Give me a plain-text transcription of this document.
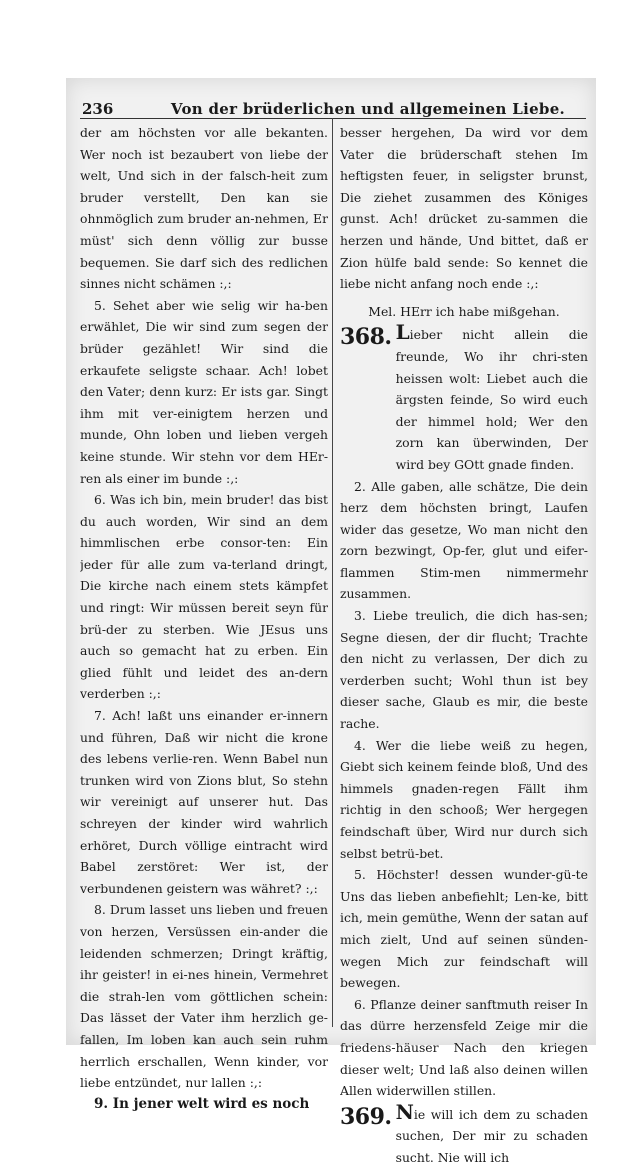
236	Von der brüderlichen und allgemeinen Liebe.

der am höchsten vor alle bekanten. Wer noch ist bezaubert von liebe der welt, Und sich in der falsch-heit zum bruder verstellt, Den kan sie ohnmöglich zum bruder an-nehmen, Er müst' sich denn völlig zur busse bequemen. Sie darf sich des redlichen sinnes nicht schämen :,:

5. Sehet aber wie selig wir ha-ben erwählet, Die wir sind zum segen der brüder gezählet! Wir sind die erkaufete seligste schaar. Ach! lobet den Vater; denn kurz: Er ists gar. Singt ihm mit ver-einigtem herzen und munde, Ohn loben und lieben vergeh keine stunde. Wir stehn vor dem HEr-ren als einer im bunde :,:

6. Was ich bin, mein bruder! das bist du auch worden, Wir sind an dem himmlischen erbe consor-ten: Ein jeder für alle zum va-terland dringt, Die kirche nach einem stets kämpfet und ringt: Wir müssen bereit seyn für brü-der zu sterben. Wie JEsus uns auch so gemacht hat zu erben. Ein glied fühlt und leidet des an-dern verderben :,:

7. Ach! laßt uns einander er-innern und führen, Daß wir nicht die krone des lebens verlie-ren. Wenn Babel nun trunken wird von Zions blut, So stehn wir vereinigt auf unserer hut. Das schreyen der kinder wird wahrlich erhöret, Durch völlige eintracht wird Babel zerstöret: Wer ist, der verbundenen geistern was währet? :,:

8. Drum lasset uns lieben und freuen von herzen, Versüssen ein-ander die leidenden schmerzen; Dringt kräftig, ihr geister! in ei-nes hinein, Vermehret die strah-len vom göttlichen schein: Das lässet der Vater ihm herzlich ge-fallen, Im loben kan auch sein ruhm herrlich erschallen, Wenn kinder, vor liebe entzündet, nur lallen :,:

9. In jener welt wird es noch

besser hergehen, Da wird vor dem Vater die brüderschaft stehen Im heftigsten feuer, in seligster brunst, Die ziehet zusammen des Königes gunst. Ach! drücket zu-sammen die herzen und hände, Und bittet, daß er Zion hülfe bald sende: So kennet die liebe nicht anfang noch ende :,:

Mel. HErr ich habe mißgehan.

368. Lieber nicht allein die freunde, Wo ihr chri-sten heissen wolt: Liebet auch die ärgsten feinde, So wird euch der himmel hold; Wer den zorn kan überwinden, Der wird bey GOtt gnade finden.

2. Alle gaben, alle schätze, Die dein herz dem höchsten bringt, Laufen wider das gesetze, Wo man nicht den zorn bezwingt, Op-fer, glut und eifer-flammen Stim-men nimmermehr zusammen.

3. Liebe treulich, die dich has-sen; Segne diesen, der dir flucht; Trachte den nicht zu verlassen, Der dich zu verderben sucht; Wohl thun ist bey dieser sache, Glaub es mir, die beste rache.

4. Wer die liebe weiß zu hegen, Giebt sich keinem feinde bloß, Und des himmels gnaden-regen Fällt ihm richtig in den schooß; Wer hergegen feindschaft über, Wird nur durch sich selbst betrü-bet.

5. Höchster! dessen wunder-gü-te Uns das lieben anbefiehlt; Len-ke, bitt ich, mein gemüthe, Wenn der satan auf mich zielt, Und auf seinen sünden-wegen Mich zur feindschaft will bewegen.

6. Pflanze deiner sanftmuth reiser In das dürre herzensfeld Zeige mir die friedens-häuser Nach den kriegen dieser welt; Und laß also deinen willen Allen widerwillen stillen.

369. Nie will ich dem zu schaden suchen, Der mir zu schaden sucht. Nie will ich
